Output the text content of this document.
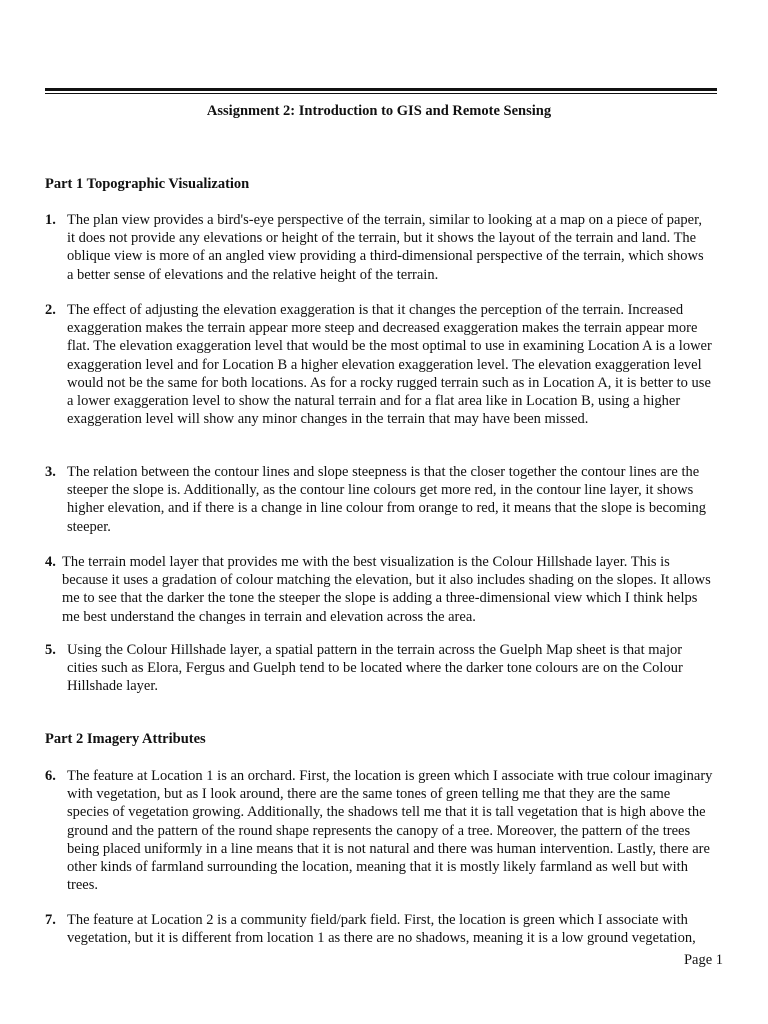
Assignment 2: Introduction to GIS and Remote Sensing
Part 1 Topographic Visualization
1. The plan view provides a bird's-eye perspective of the terrain, similar to looking at a map on a piece of paper, it does not provide any elevations or height of the terrain, but it shows the layout of the terrain and land. The oblique view is more of an angled view providing a third-dimensional perspective of the terrain, which shows a better sense of elevations and the relative height of the terrain.
2. The effect of adjusting the elevation exaggeration is that it changes the perception of the terrain. Increased exaggeration makes the terrain appear more steep and decreased exaggeration makes the terrain appear more flat. The elevation exaggeration level that would be the most optimal to use in examining Location A is a lower exaggeration level and for Location B a higher elevation exaggeration level. The elevation exaggeration level would not be the same for both locations. As for a rocky rugged terrain such as in Location A, it is better to use a lower exaggeration level to show the natural terrain and for a flat area like in Location B, using a higher exaggeration level will show any minor changes in the terrain that may have been missed.
3. The relation between the contour lines and slope steepness is that the closer together the contour lines are the steeper the slope is. Additionally, as the contour line colours get more red, in the contour line layer, it shows higher elevation, and if there is a change in line colour from orange to red, it means that the slope is becoming steeper.
4. The terrain model layer that provides me with the best visualization is the Colour Hillshade layer. This is because it uses a gradation of colour matching the elevation, but it also includes shading on the slopes. It allows me to see that the darker the tone the steeper the slope is adding a three-dimensional view which I think helps me best understand the changes in terrain and elevation across the area.
5. Using the Colour Hillshade layer, a spatial pattern in the terrain across the Guelph Map sheet is that major cities such as Elora, Fergus and Guelph tend to be located where the darker tone colours are on the Colour Hillshade layer.
Part 2 Imagery Attributes
6. The feature at Location 1 is an orchard. First, the location is green which I associate with true colour imaginary with vegetation, but as I look around, there are the same tones of green telling me that they are the same species of vegetation growing. Additionally, the shadows tell me that it is tall vegetation that is high above the ground and the pattern of the round shape represents the canopy of a tree. Moreover, the pattern of the trees being placed uniformly in a line means that it is not natural and there was human intervention. Lastly, there are other kinds of farmland surrounding the location, meaning that it is mostly likely farmland as well but with trees.
7. The feature at Location 2 is a community field/park field. First, the location is green which I associate with vegetation, but it is different from location 1 as there are no shadows, meaning it is a low ground vegetation,
Page 1
